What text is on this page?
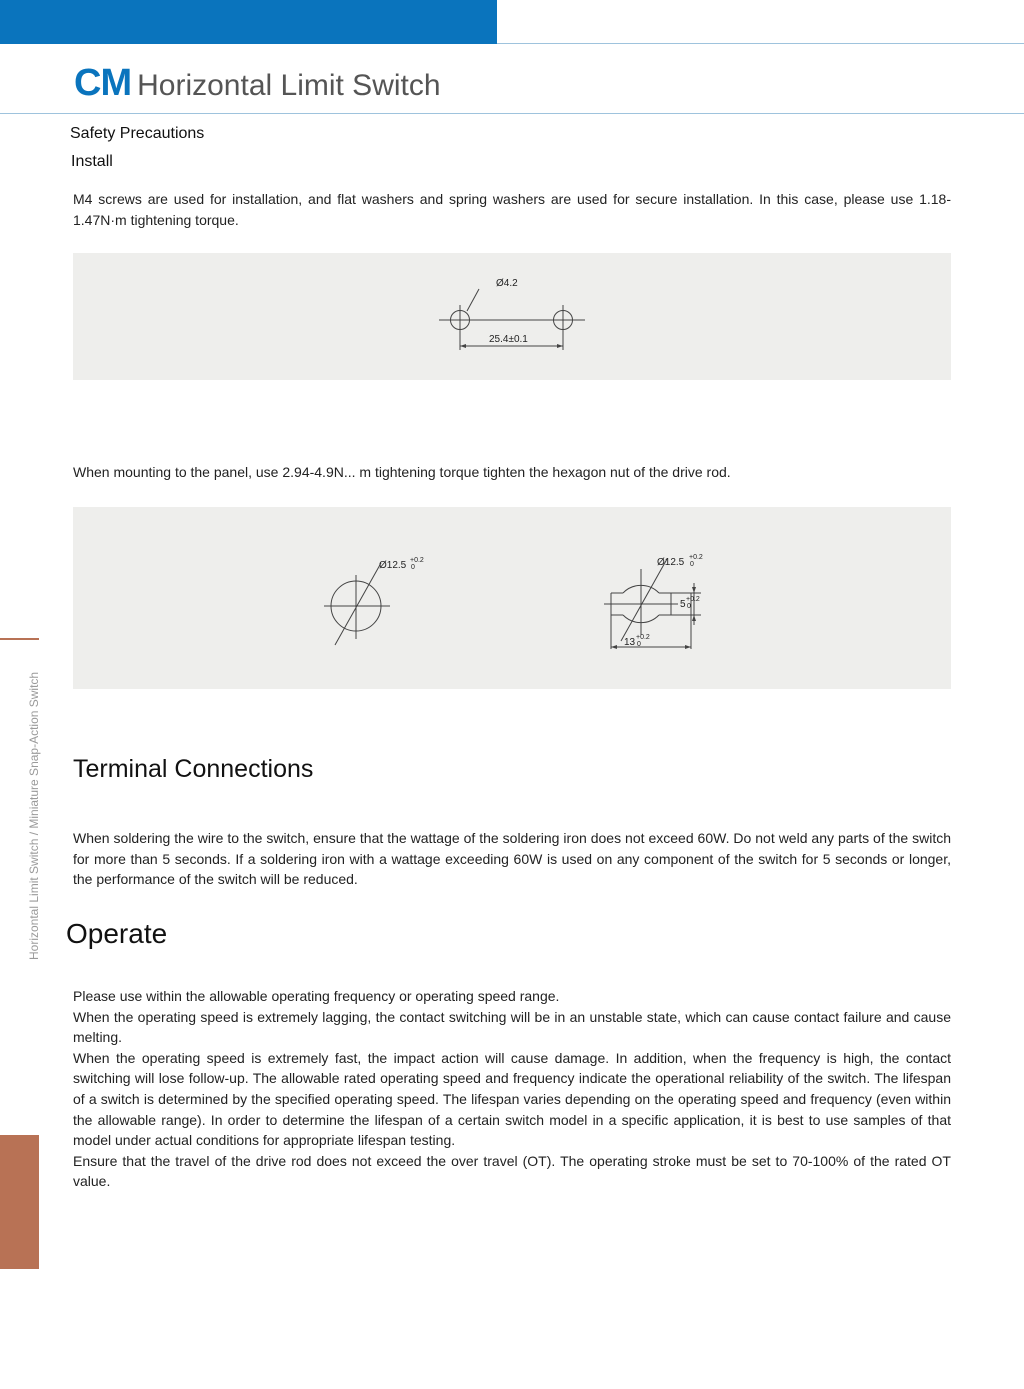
CM Horizontal Limit Switch
Horizontal Limit Switch / Miniature Snap-Action Switch
Safety Precautions
Install
M4 screws are used for installation, and flat washers and spring washers are used for secure installation. In this case, please use 1.18-1.47N·m tightening torque.
Ø4.2
25.4±0.1
When mounting to the panel, use 2.94-4.9N... m tightening torque tighten the hexagon nut of the drive rod.
Ø12.5 +0.2
0	Ø12.5 +0.2
0
5 +0.2
0
13 +0.2
0
Terminal Connections
When soldering the wire to the switch, ensure that the wattage of the soldering iron does not exceed 60W. Do not weld any parts of the switch for more than 5 seconds. If a soldering iron with a wattage exceeding 60W is used on any component of the switch for 5 seconds or longer, the performance of the switch will be reduced.
Operate
Please use within the allowable operating frequency or operating speed range.
When the operating speed is extremely lagging, the contact switching will be in an unstable state, which can cause contact failure and cause melting.
When the operating speed is extremely fast, the impact action will cause damage. In addition, when the frequency is high, the contact switching will lose follow-up. The allowable rated operating speed and frequency indicate the operational reliability of the switch. The lifespan of a switch is determined by the specified operating speed. The lifespan varies depending on the operating speed and frequency (even within the allowable range). In order to determine the lifespan of a certain switch model in a specific application, it is best to use samples of that model under actual conditions for appropriate lifespan testing.
Ensure that the travel of the drive rod does not exceed the over travel (OT). The operating stroke must be set to 70-100% of the rated OT value.
